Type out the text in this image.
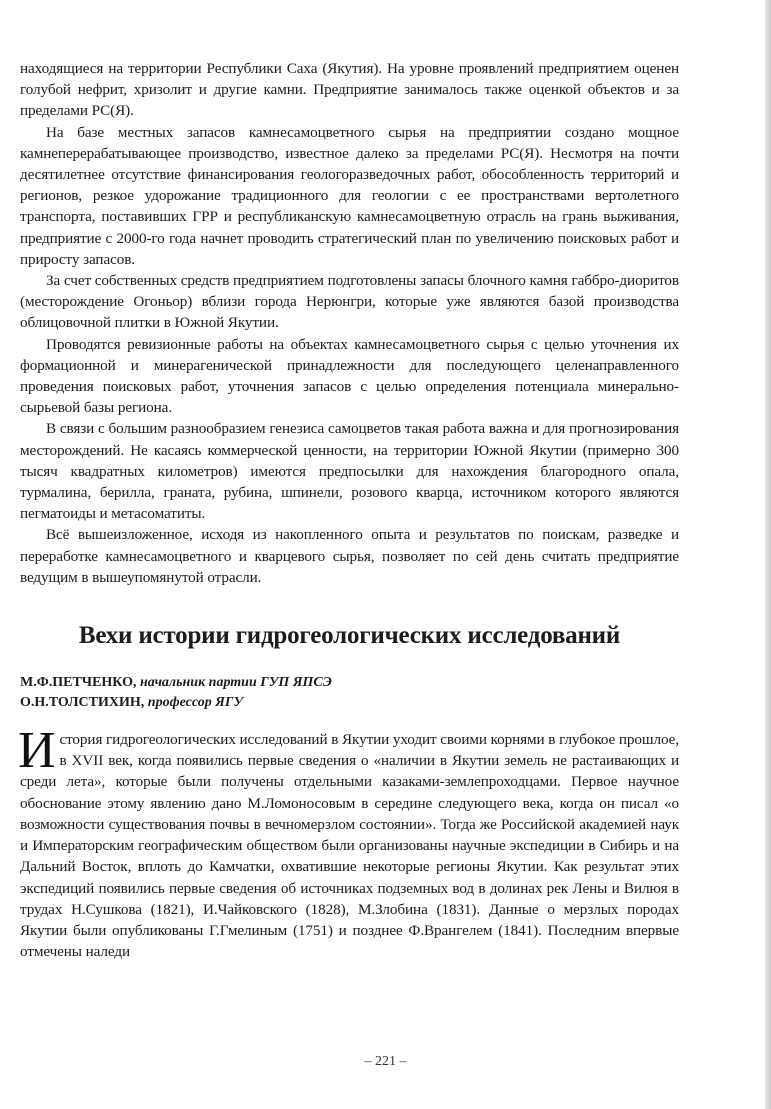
находящиеся на территории Республики Саха (Якутия). На уровне проявлений предприятием оценен голубой нефрит, хризолит и другие камни. Предприятие занималось также оценкой объектов и за пределами РС(Я).

На базе местных запасов камнесамоцветного сырья на предприятии создано мощное камнеперерабатывающее производство, известное далеко за пределами РС(Я). Несмотря на почти десятилетнее отсутствие финансирования геологоразведочных работ, обособленность территорий и регионов, резкое удорожание традиционного для геологии с ее пространствами вертолетного транспорта, поставивших ГРР и республиканскую камнесамоцветную отрасль на грань выживания, предприятие с 2000-го года начнет проводить стратегический план по увеличению поисковых работ и приросту запасов.

За счет собственных средств предприятием подготовлены запасы блочного камня габбро-диоритов (месторождение Огоньор) вблизи города Нерюнгри, которые уже являются базой производства облицовочной плитки в Южной Якутии.

Проводятся ревизионные работы на объектах камнесамоцветного сырья с целью уточнения их формационной и минерагенической принадлежности для последующего целенаправленного проведения поисковых работ, уточнения запасов с целью определения потенциала минерально-сырьевой базы региона.

В связи с большим разнообразием генезиса самоцветов такая работа важна и для прогнозирования месторождений. Не касаясь коммерческой ценности, на территории Южной Якутии (примерно 300 тысяч квадратных километров) имеются предпосылки для нахождения благородного опала, турмалина, берилла, граната, рубина, шпинели, розового кварца, источником которого являются пегматоиды и метасоматиты.

Всё вышеизложенное, исходя из накопленного опыта и результатов по поискам, разведке и переработке камнесамоцветного и кварцевого сырья, позволяет по сей день считать предприятие ведущим в вышеупомянутой отрасли.

Вехи истории гидрогеологических исследований
М.Ф.ПЕТЧЕНКО, начальник партии ГУП ЯПСЭ
О.Н.ТОЛСТИХИН, профессор ЯГУ

История гидрогеологических исследований в Якутии уходит своими корнями в глубокое прошлое, в XVII век, когда появились первые сведения о «наличии в Якутии земель не растаивающих и среди лета», которые были получены отдельными казаками-землепроходцами. Первое научное обоснование этому явлению дано М.Ломоносовым в середине следующего века, когда он писал «о возможности существования почвы в вечномерзлом состоянии». Тогда же Российской академией наук и Императорским географическим обществом были организованы научные экспедиции в Сибирь и на Дальний Восток, вплоть до Камчатки, охватившие некоторые регионы Якутии. Как результат этих экспедиций появились первые сведения об источниках подземных вод в долинах рек Лены и Вилюя в трудах Н.Сушкова (1821), И.Чайковского (1828), М.Злобина (1831). Данные о мерзлых породах Якутии были опубликованы Г.Гмелиным (1751) и позднее Ф.Врангелем (1841). Последним впервые отмечены наледи

– 221 –
